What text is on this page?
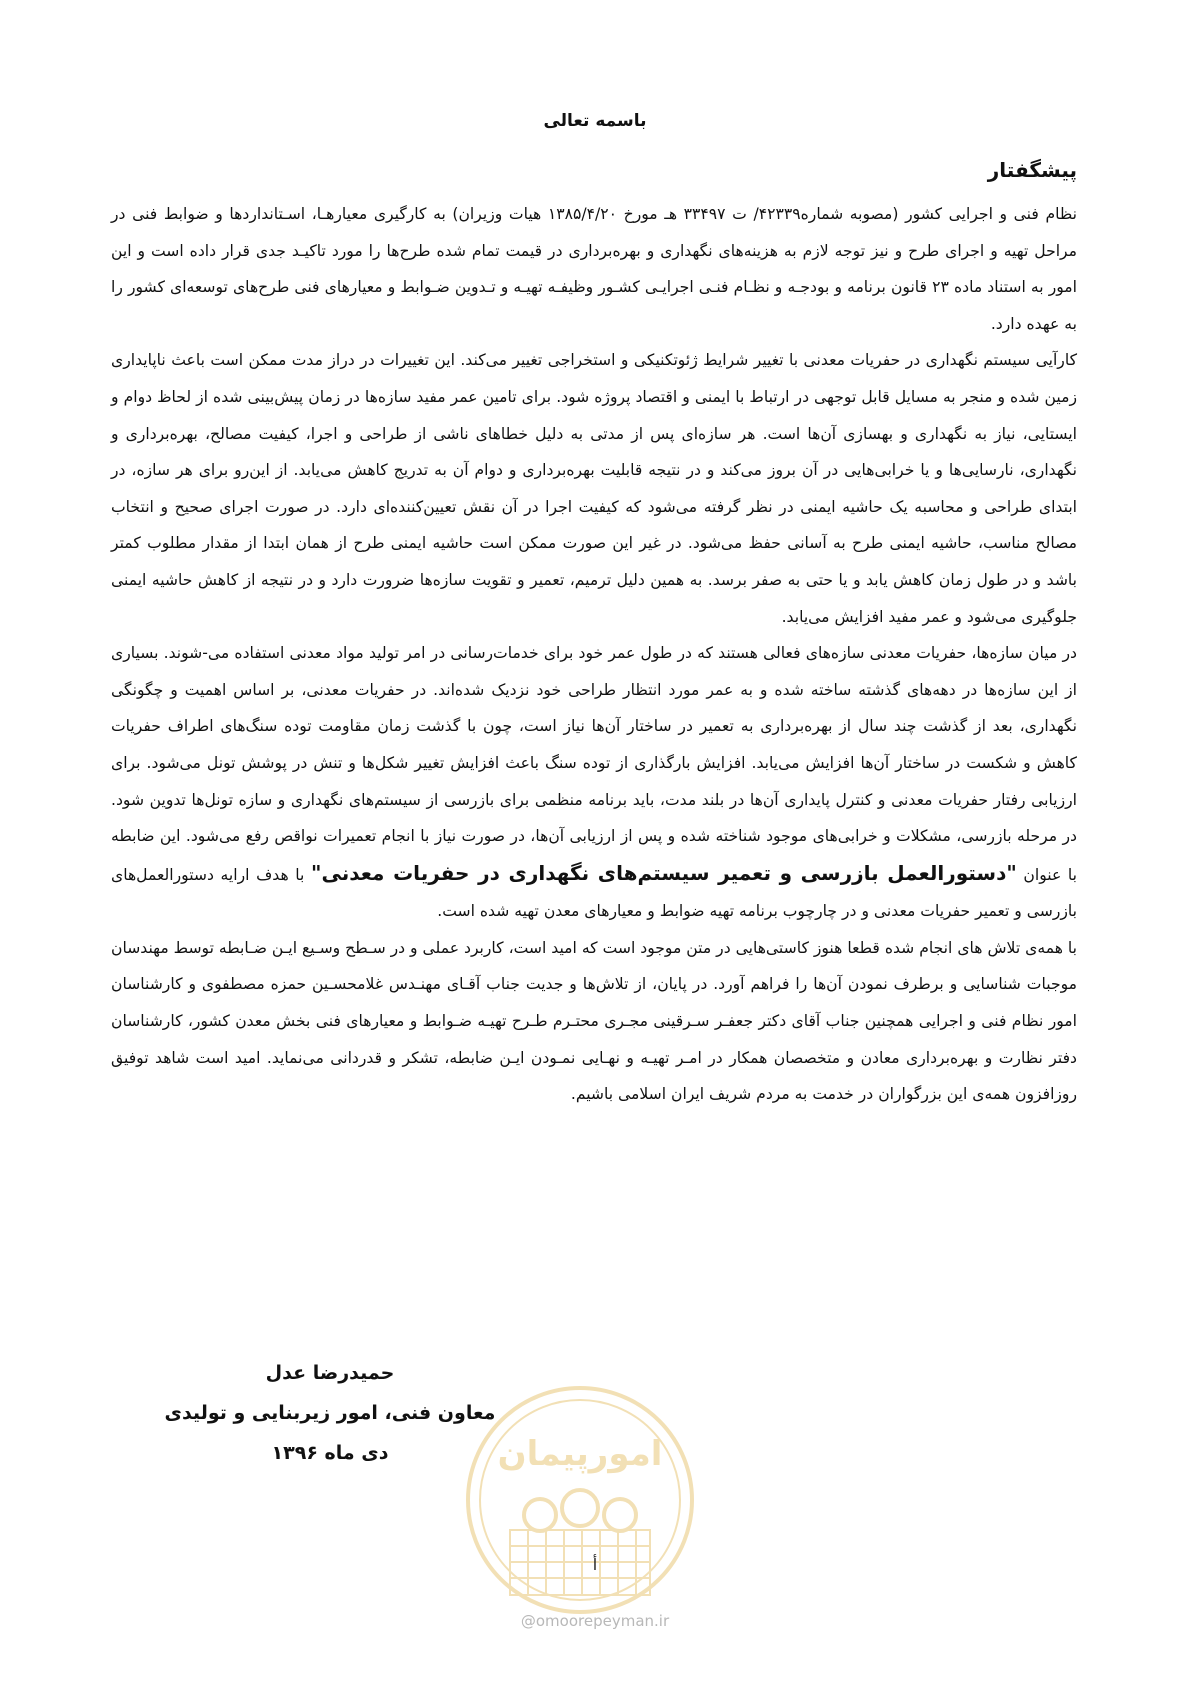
باسمه تعالی
پیشگفتار

نظام فنی و اجرایی کشور (مصوبه شماره۴۲۳۳۹/ ت ۳۳۴۹۷ هـ مورخ ۱۳۸۵/۴/۲۰ هیات وزیران) به کارگیری معیارهـا، اسـتانداردها و ضوابط فنی در مراحل تهیه و اجرای طرح و نیز توجه لازم به هزینه‌های نگهداری و بهره‌برداری در قیمت تمام شده طرح‌ها را مورد تاکیـد جدی قرار داده است و این امور به استناد ماده ۲۳ قانون برنامه و بودجـه و نظـام فنـی اجرایـی کشـور وظیفـه تهیـه و تـدوین ضـوابط و معیارهای فنی طرح‌های توسعه‌ای کشور را به عهده دارد.

کارآیی سیستم نگهداری در حفریات معدنی با تغییر شرایط ژئوتکنیکی و استخراجی تغییر می‌کند. این تغییرات در دراز مدت ممکن است باعث ناپایداری زمین شده و منجر به مسایل قابل توجهی در ارتباط با ایمنی و اقتصاد پروژه شود. برای تامین عمر مفید سازه‌ها در زمان پیش‌بینی شده از لحاظ دوام و ایستایی، نیاز به نگهداری و بهسازی آن‌ها است. هر سازه‌ای پس از مدتی به دلیل خطاهای ناشی از طراحی و اجرا، کیفیت مصالح، بهره‌برداری و نگهداری، نارسایی‌ها و یا خرابی‌هایی در آن بروز می‌کند و در نتیجه قابلیت بهره‌برداری و دوام آن به تدریج کاهش می‌یابد. از این‌رو برای هر سازه، در ابتدای طراحی و محاسبه یک حاشیه ایمنی در نظر گرفته می‌شود که کیفیت اجرا در آن نقش تعیین‌کننده‌ای دارد. در صورت اجرای صحیح و انتخاب مصالح مناسب، حاشیه ایمنی طرح به آسانی حفظ می‌شود. در غیر این صورت ممکن است حاشیه ایمنی طرح از همان ابتدا از مقدار مطلوب کمتر باشد و در طول زمان کاهش یابد و یا حتی به صفر برسد. به همین دلیل ترمیم، تعمیر و تقویت سازه‌ها ضرورت دارد و در نتیجه از کاهش حاشیه ایمنی جلوگیری می‌شود و عمر مفید افزایش می‌یابد.

در میان سازه‌ها، حفریات معدنی سازه‌های فعالی هستند که در طول عمر خود برای خدمات‌رسانی در امر تولید مواد معدنی استفاده می-شوند. بسیاری از این سازه‌ها در دهه‌های گذشته ساخته شده و به عمر مورد انتظار طراحی خود نزدیک شده‌اند. در حفریات معدنی، بر اساس اهمیت و چگونگی نگهداری، بعد از گذشت چند سال از بهره‌برداری به تعمیر در ساختار آن‌ها نیاز است، چون با گذشت زمان مقاومت توده سنگ‌های اطراف حفریات کاهش و شکست در ساختار آن‌ها افزایش می‌یابد. افزایش بارگذاری از توده سنگ باعث افزایش تغییر شکل‌ها و تنش در پوشش تونل می‌شود. برای ارزیابی رفتار حفریات معدنی و کنترل پایداری آن‌ها در بلند مدت، باید برنامه منظمی برای بازرسی از سیستم‌های نگهداری و سازه تونل‌ها تدوین شود. در مرحله بازرسی، مشکلات و خرابی‌های موجود شناخته شده و پس از ارزیابی آن‌ها، در صورت نیاز با انجام تعمیرات نواقص رفع می‌شود. این ضابطه با عنوان "دستورالعمل بازرسی و تعمیر سیستم‌های نگهداری در حفریات معدنی" با هدف ارایه دستورالعمل‌های بازرسی و تعمیر حفریات معدنی و در چارچوب برنامه تهیه ضوابط و معیارهای معدن تهیه شده است.

با همه‌ی تلاش های انجام شده قطعا هنوز کاستی‌هایی در متن موجود است که امید است، کاربرد عملی و در سـطح وسـیع ایـن ضـابطه توسط مهندسان موجبات شناسایی و برطرف نمودن آن‌ها را فراهم آورد. در پایان، از تلاش‌ها و جدیت جناب آقـای مهنـدس غلامحسـین حمزه مصطفوی و کارشناسان امور نظام فنی و اجرایی همچنین جناب آقای دکتر جعفـر سـرقینی مجـری محتـرم طـرح تهیـه ضـوابط و معیارهای فنی بخش معدن کشور، کارشناسان دفتر نظارت و بهره‌برداری معادن و متخصصان همکار در امـر تهیـه و نهـایی نمـودن ایـن ضابطه، تشکر و قدردانی می‌نماید. امید است شاهد توفیق روزافزون همه‌ی این بزرگواران در خدمت به مردم شریف ایران اسلامی باشیم.

امورپیمان
حمیدرضا عدل
معاون فنی، امور زیربنایی و تولیدی
دی ماه ۱۳۹۶
أ
@omoorepeyman.ir
